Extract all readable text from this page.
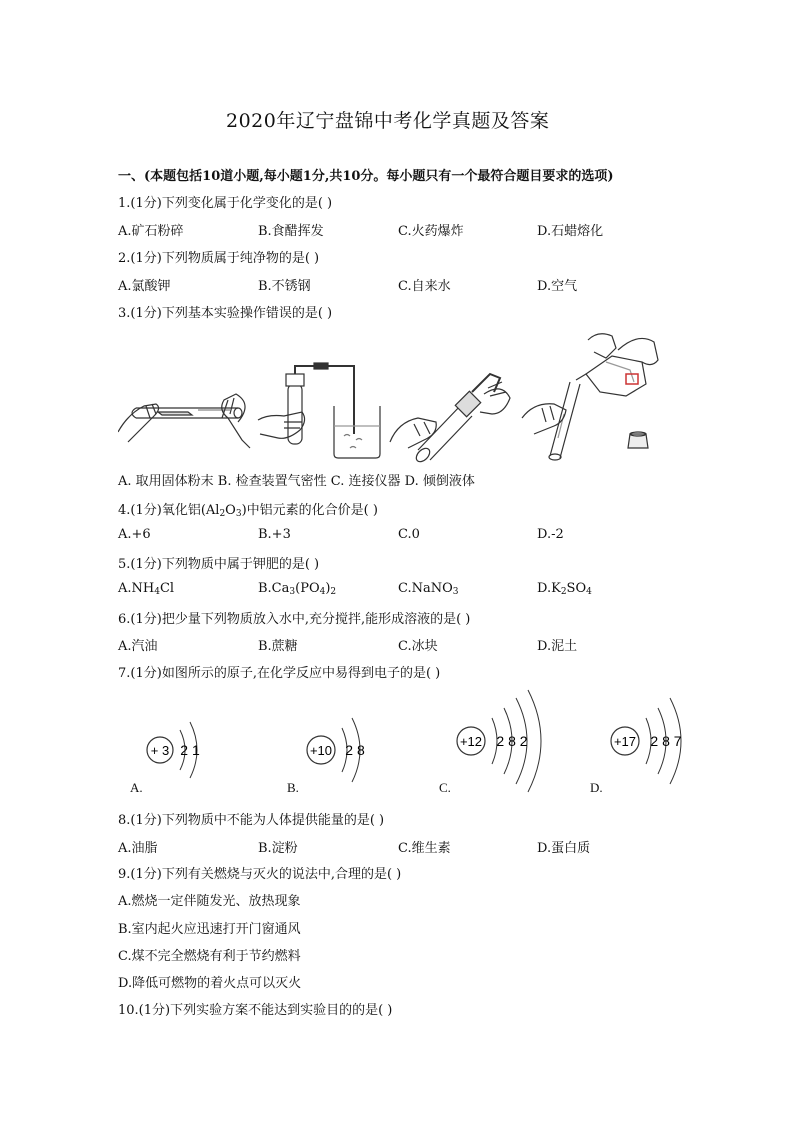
2020年辽宁盘锦中考化学真题及答案
一、(本题包括10道小题,每小题1分,共10分。每小题只有一个最符合题目要求的选项)
1.(1分)下列变化属于化学变化的是( )
A.矿石粉碎	B.食醋挥发	C.火药爆炸	D.石蜡熔化
2.(1分)下列物质属于纯净物的是( )
A.氯酸钾	B.不锈钢	C.自来水	D.空气
3.(1分)下列基本实验操作错误的是( )
A. 取用固体粉末 B. 检查装置气密性 C. 连接仪器 D. 倾倒液体
4.(1分)氧化铝$(Al_2O_3)$中铝元素的化合价是( )
A.+6	B.+3	C.0	D.-2
5.(1分)下列物质中属于钾肥的是( )
$A.NH_4Cl$	$B.Ca_3(PO_4)_2$	C.NaNO$_3$	$D.K_2SO_4$
6.(1分)把少量下列物质放入水中,充分搅拌,能形成溶液的是( )
A.汽油	B.蔗糖	C.冰块	D.泥土
7.(1分)如图所示的原子,在化学反应中易得到电子的是( )
+ 3 2 1	+10 2 8
+12 2 8 2	+17 2 8 7
A.	B.	C.	D.
8.(1分)下列物质中不能为人体提供能量的是( )
A.油脂	B.淀粉	C.维生素	D.蛋白质
9.(1分)下列有关燃烧与灭火的说法中,合理的是( )
A.燃烧一定伴随发光、放热现象
B.室内起火应迅速打开门窗通风
C.煤不完全燃烧有利于节约燃料
D.降低可燃物的着火点可以灭火
10.(1分)下列实验方案不能达到实验目的的是( )
